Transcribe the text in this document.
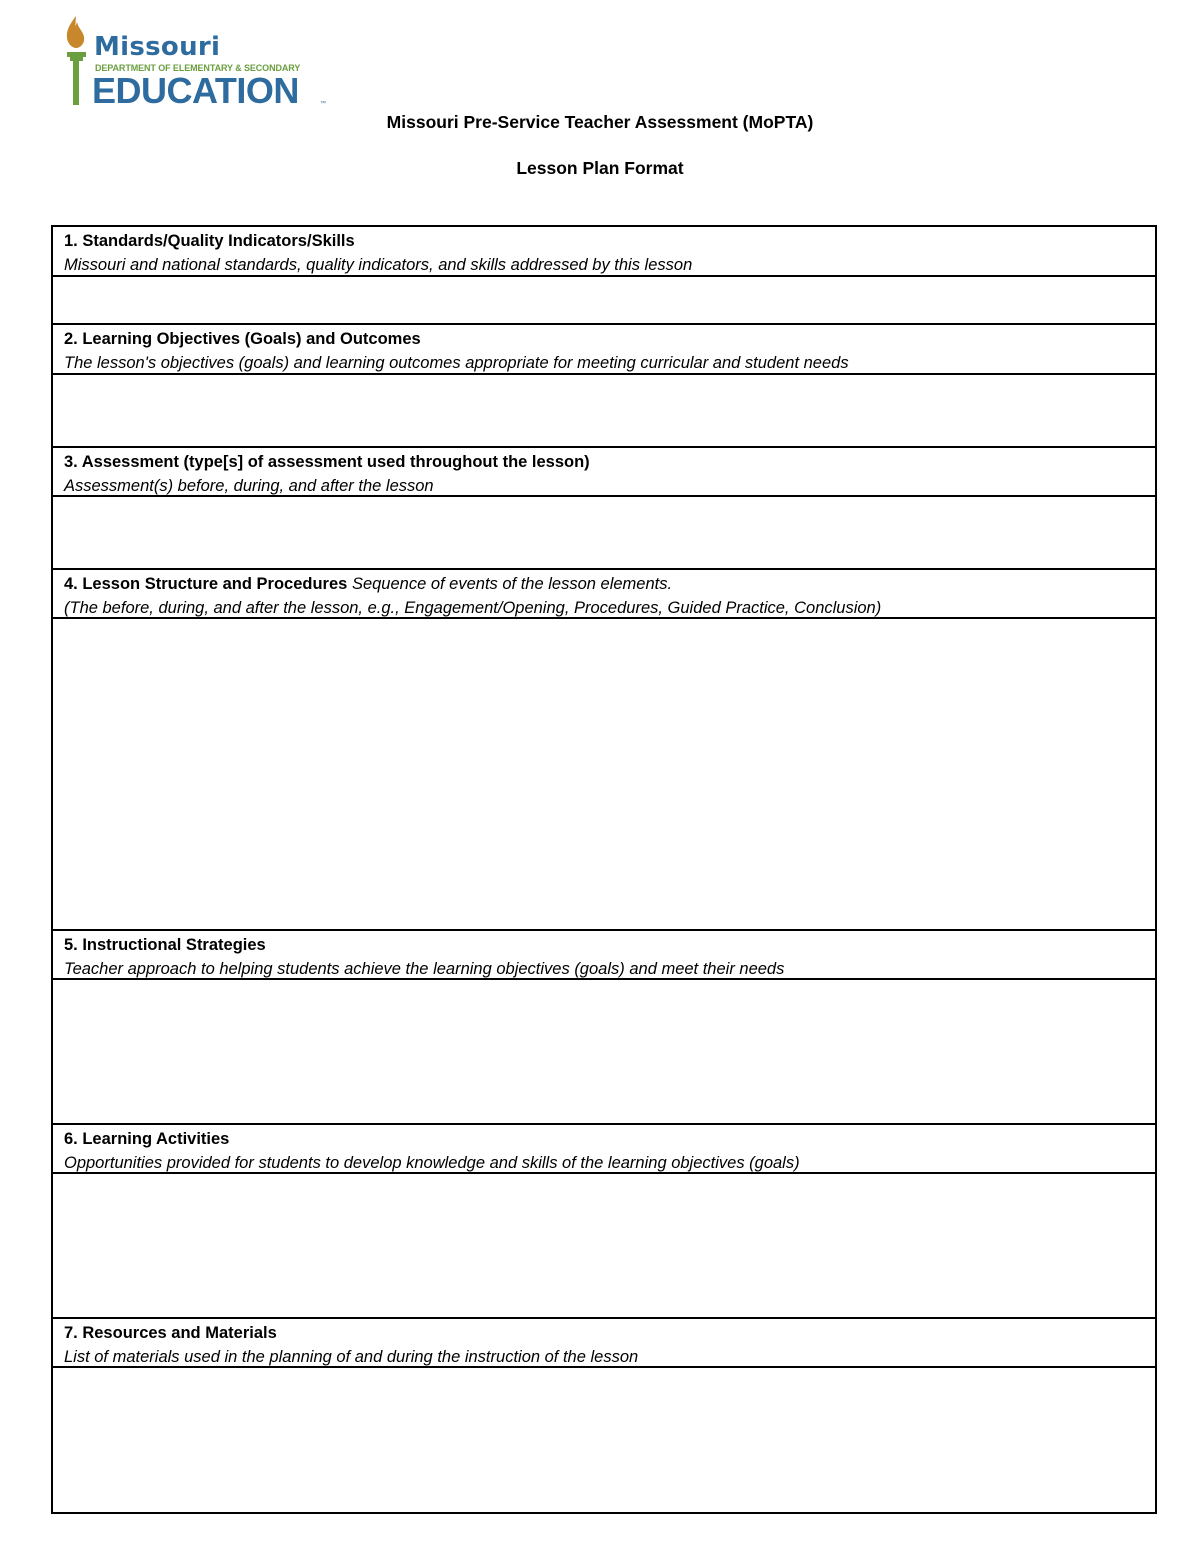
Missouri
DEPARTMENT OF ELEMENTARY & SECONDARY
EDUCATION	™
Missouri Pre-Service Teacher Assessment (MoPTA)
Lesson Plan Format
1. Standards/Quality Indicators/Skills
Missouri and national standards, quality indicators, and skills addressed by this lesson
2. Learning Objectives (Goals) and Outcomes
The lesson's objectives (goals) and learning outcomes appropriate for meeting curricular and student needs
3. Assessment (type[s] of assessment used throughout the lesson)
Assessment(s) before, during, and after the lesson
4. Lesson Structure and Procedures Sequence of events of the lesson elements.
(The before, during, and after the lesson, e.g., Engagement/Opening, Procedures, Guided Practice, Conclusion)
5. Instructional Strategies
Teacher approach to helping students achieve the learning objectives (goals) and meet their needs
6. Learning Activities
Opportunities provided for students to develop knowledge and skills of the learning objectives (goals)
7. Resources and Materials
List of materials used in the planning of and during the instruction of the lesson
